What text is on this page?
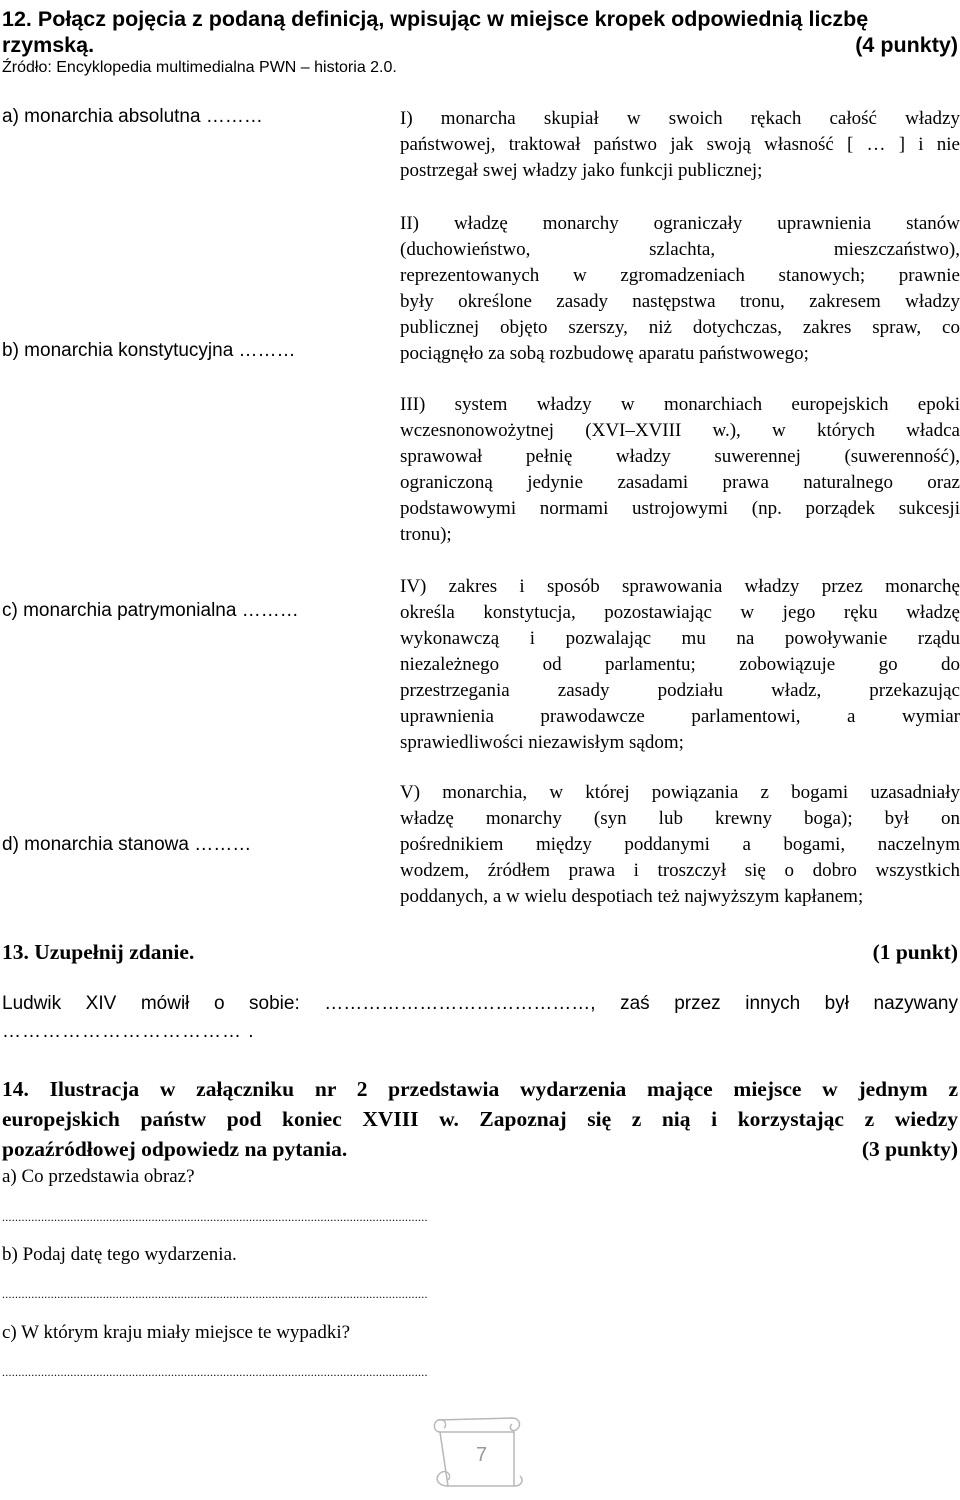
12. Połącz pojęcia z podaną definicją, wpisując w miejsce kropek odpowiednią liczbę
rzymską.	(4 punkty)
Źródło: Encyklopedia multimedialna PWN – historia 2.0.
a) monarchia absolutna ………
b) monarchia konstytucyjna ………
c) monarchia patrymonialna ………
d) monarchia stanowa ………
I) monarcha skupiał w swoich rękach całość władzy
państwowej, traktował państwo jak swoją własność [ … ] i nie
postrzegał swej władzy jako funkcji publicznej;
II) władzę monarchy ograniczały uprawnienia stanów
(duchowieństwo, szlachta, mieszczaństwo),
reprezentowanych w zgromadzeniach stanowych; prawnie
były określone zasady następstwa tronu, zakresem władzy
publicznej objęto szerszy, niż dotychczas, zakres spraw, co
pociągnęło za sobą rozbudowę aparatu państwowego;
III) system władzy w monarchiach europejskich epoki
wczesnonowożytnej (XVI–XVIII w.), w których władca
sprawował pełnię władzy suwerennej (suwerenność),
ograniczoną jedynie zasadami prawa naturalnego oraz
podstawowymi normami ustrojowymi (np. porządek sukcesji
tronu);
IV) zakres i sposób sprawowania władzy przez monarchę
określa konstytucja, pozostawiając w jego ręku władzę
wykonawczą i pozwalając mu na powoływanie rządu
niezależnego od parlamentu; zobowiązuje go do
przestrzegania zasady podziału władz, przekazując
uprawnienia prawodawcze parlamentowi, a wymiar
sprawiedliwości niezawisłym sądom;
V) monarchia, w której powiązania z bogami uzasadniały
władzę monarchy (syn lub krewny boga); był on
pośrednikiem między poddanymi a bogami, naczelnym
wodzem, źródłem prawa i troszczył się o dobro wszystkich
poddanych, a w wielu despotiach też najwyższym kapłanem;
13. Uzupełnij zdanie.	(1 punkt)
Ludwik XIV mówił o sobie: ……………………………………, zaś przez innych był nazywany
……………………………… .
14. Ilustracja w załączniku nr 2 przedstawia wydarzenia mające miejsce w jednym z
europejskich państw pod koniec XVIII w. Zapoznaj się z nią i korzystając z wiedzy
pozaźródłowej odpowiedz na pytania.	(3 punkty)
a) Co przedstawia obraz?
...................................................................................................................................
b) Podaj datę tego wydarzenia.
...................................................................................................................................
c) W którym kraju miały miejsce te wypadki?
...................................................................................................................................
7
